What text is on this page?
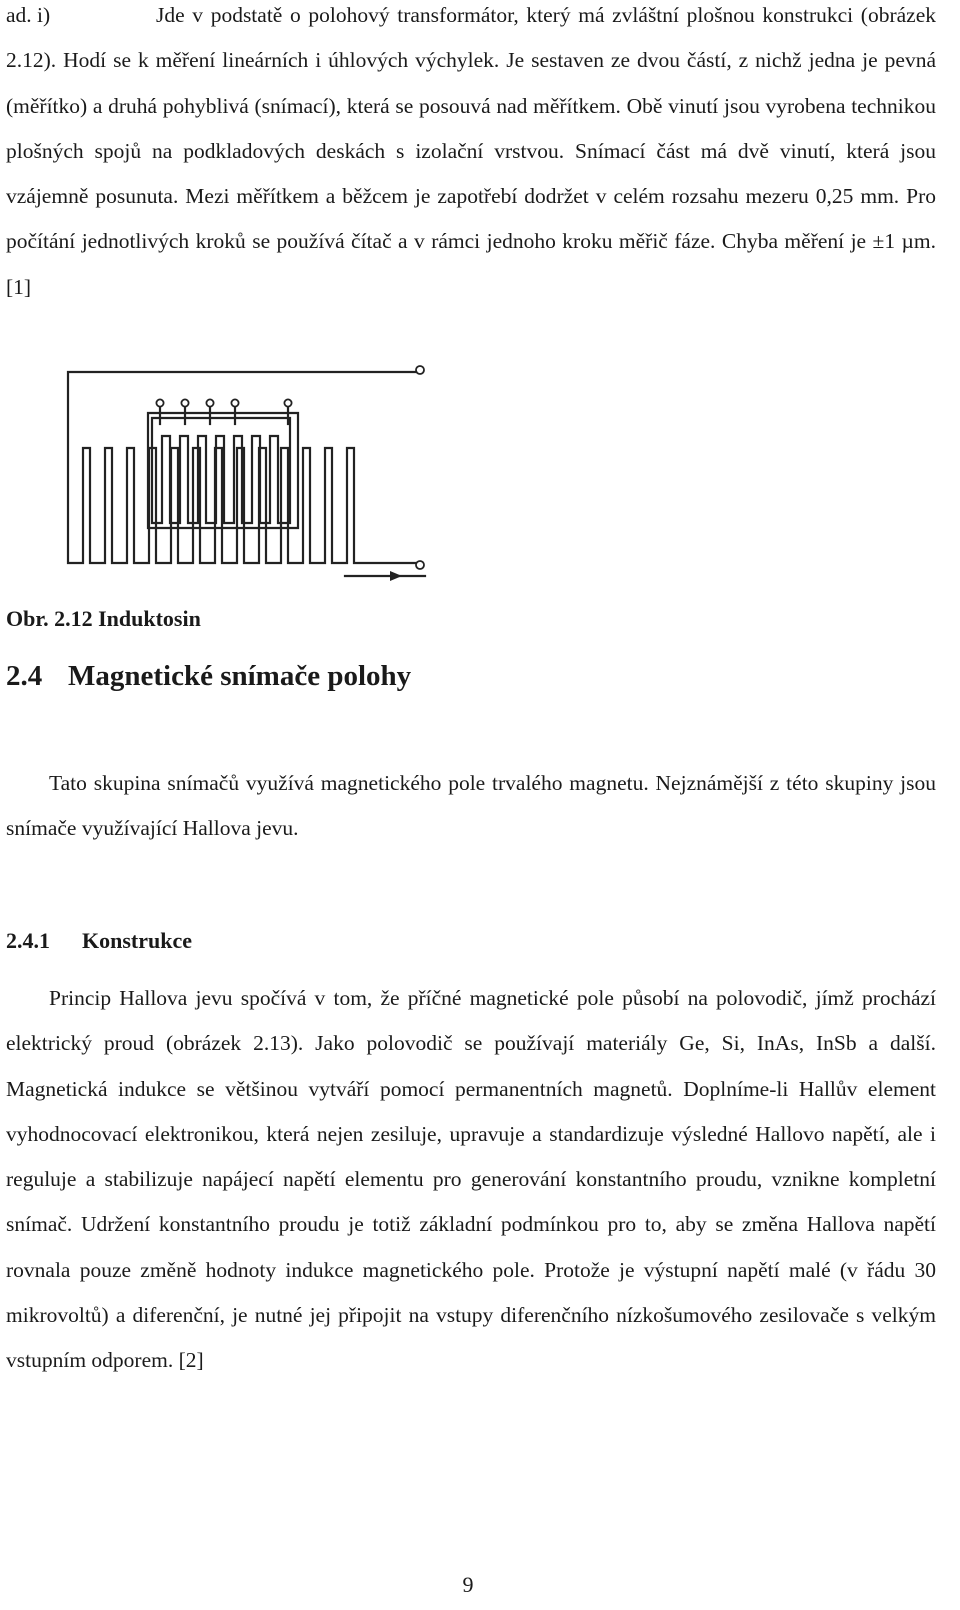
ad. i)	Jde v podstatě o polohový transformátor, který má zvláštní plošnou konstrukci (obrázek 2.12). Hodí se k měření lineárních i úhlových výchylek. Je sestaven ze dvou částí, z nichž jedna je pevná (měřítko) a druhá pohyblivá (snímací), která se posouvá nad měřítkem. Obě vinutí jsou vyrobena technikou plošných spojů na podkladových deskách s izolační vrstvou. Snímací část má dvě vinutí, která jsou vzájemně posunuta. Mezi měřítkem a běžcem je zapotřebí dodržet v celém rozsahu mezeru 0,25 mm. Pro počítání jednotlivých kroků se používá čítač a v rámci jednoho kroku měřič fáze. Chyba měření je ±1 µm. [1]

Obr. 2.12 Induktosin

2.4 Magnetické snímače polohy

Tato skupina snímačů využívá magnetického pole trvalého magnetu. Nejznámější z této skupiny jsou snímače využívající Hallova jevu.

2.4.1 Konstrukce

Princip Hallova jevu spočívá v tom, že příčné magnetické pole působí na polovodič, jímž prochází elektrický proud (obrázek 2.13). Jako polovodič se používají materiály Ge, Si, InAs, InSb a další. Magnetická indukce se většinou vytváří pomocí permanentních magnetů. Doplníme-li Hallův element vyhodnocovací elektronikou, která nejen zesiluje, upravuje a standardizuje výsledné Hallovo napětí, ale i reguluje a stabilizuje napájecí napětí elementu pro generování konstantního proudu, vznikne kompletní snímač. Udržení konstantního proudu je totiž základní podmínkou pro to, aby se změna Hallova napětí rovnala pouze změně hodnoty indukce magnetického pole. Protože je výstupní napětí malé (v řádu 30 mikrovoltů) a diferenční, je nutné jej připojit na vstupy diferenčního nízkošumového zesilovače s velkým vstupním odporem. [2]

9
